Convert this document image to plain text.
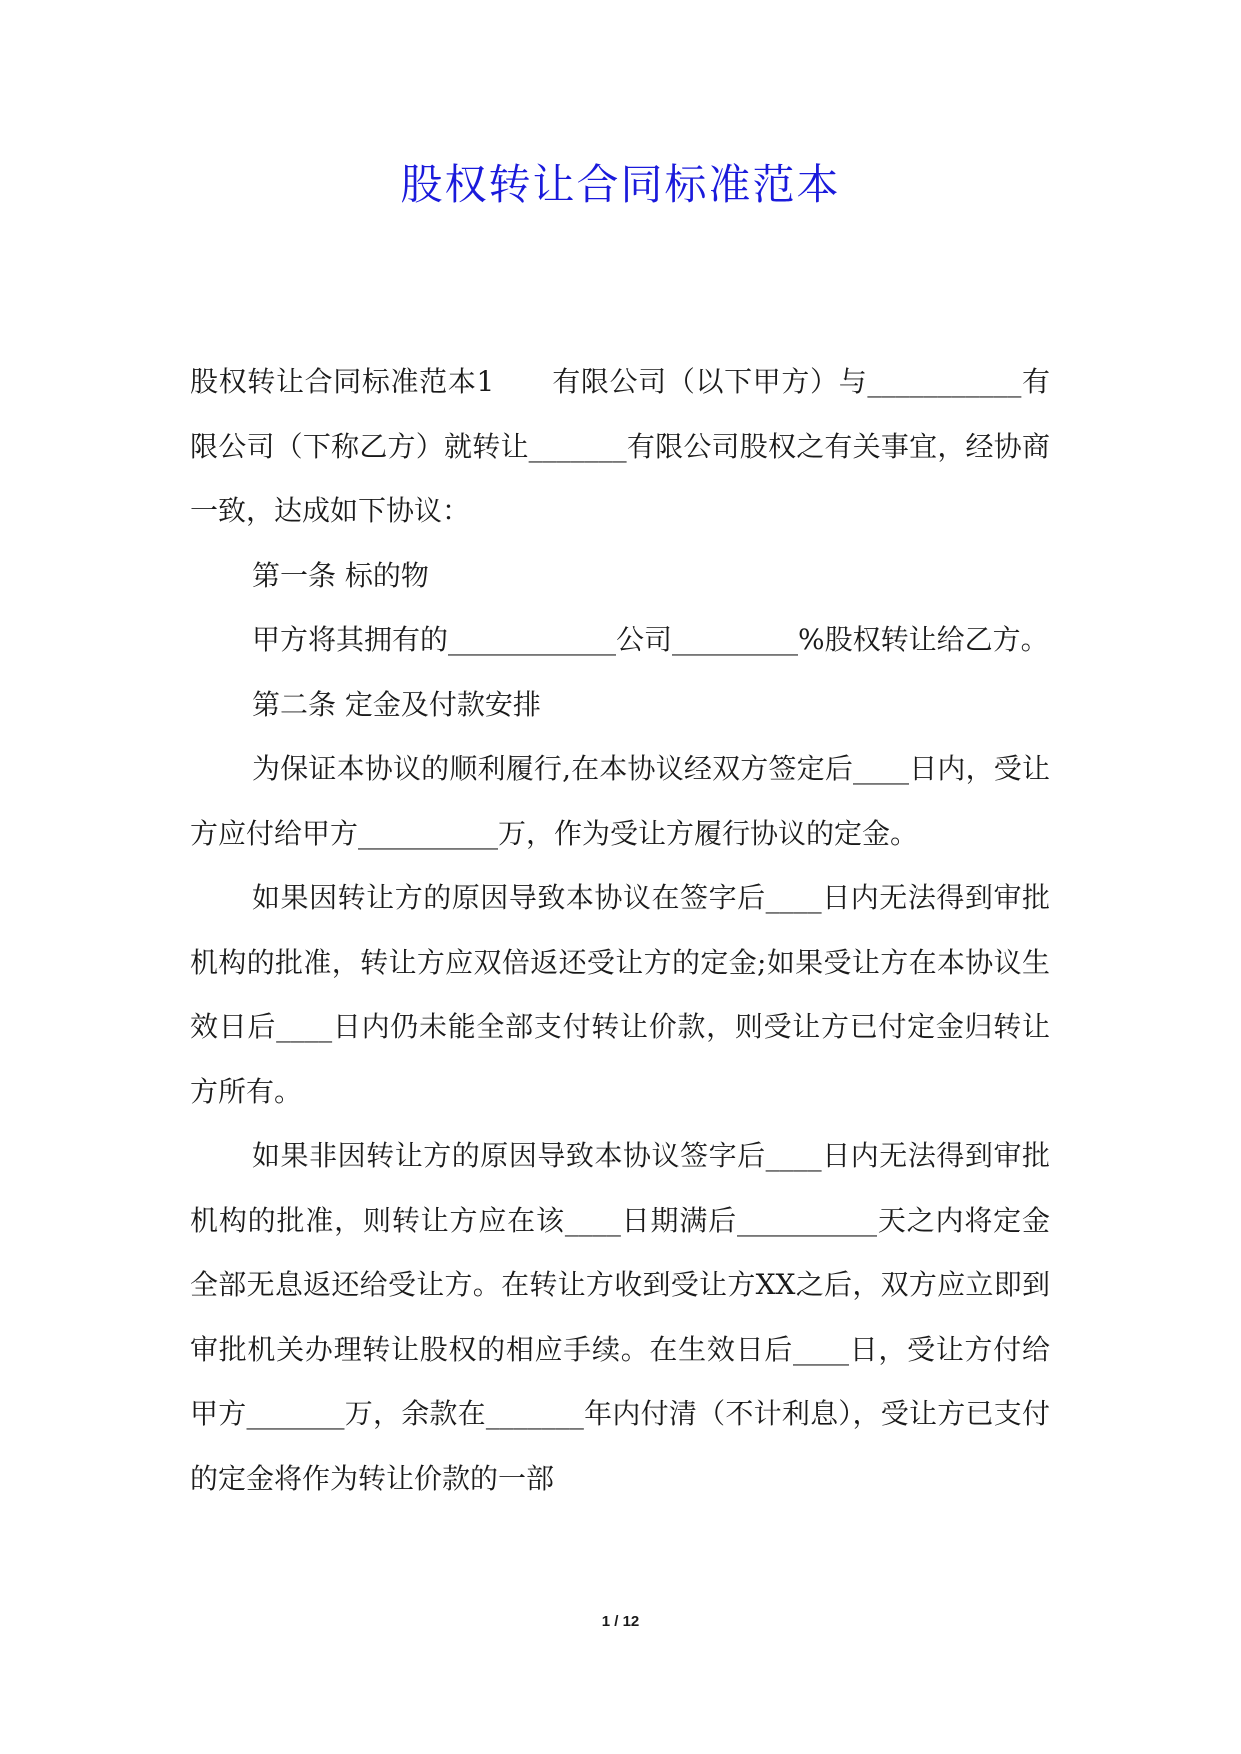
股权转让合同标准范本

股权转让合同标准范本1　　有限公司（以下甲方）与___________有限公司（下称乙方）就转让_______有限公司股权之有关事宜，经协商一致，达成如下协议：

第一条 标的物

甲方将其拥有的____________公司_________%股权转让给乙方。

第二条 定金及付款安排

为保证本协议的顺利履行,在本协议经双方签定后____日内，受让方应付给甲方__________万，作为受让方履行协议的定金。

如果因转让方的原因导致本协议在签字后____日内无法得到审批机构的批准，转让方应双倍返还受让方的定金;如果受让方在本协议生效日后____日内仍未能全部支付转让价款，则受让方已付定金归转让方所有。

如果非因转让方的原因导致本协议签字后____日内无法得到审批机构的批准，则转让方应在该____日期满后__________天之内将定金全部无息返还给受让方。在转让方收到受让方XX之后，双方应立即到审批机关办理转让股权的相应手续。在生效日后____日，受让方付给甲方_______万，余款在_______年内付清（不计利息），受让方已支付的定金将作为转让价款的一部

1 / 12
